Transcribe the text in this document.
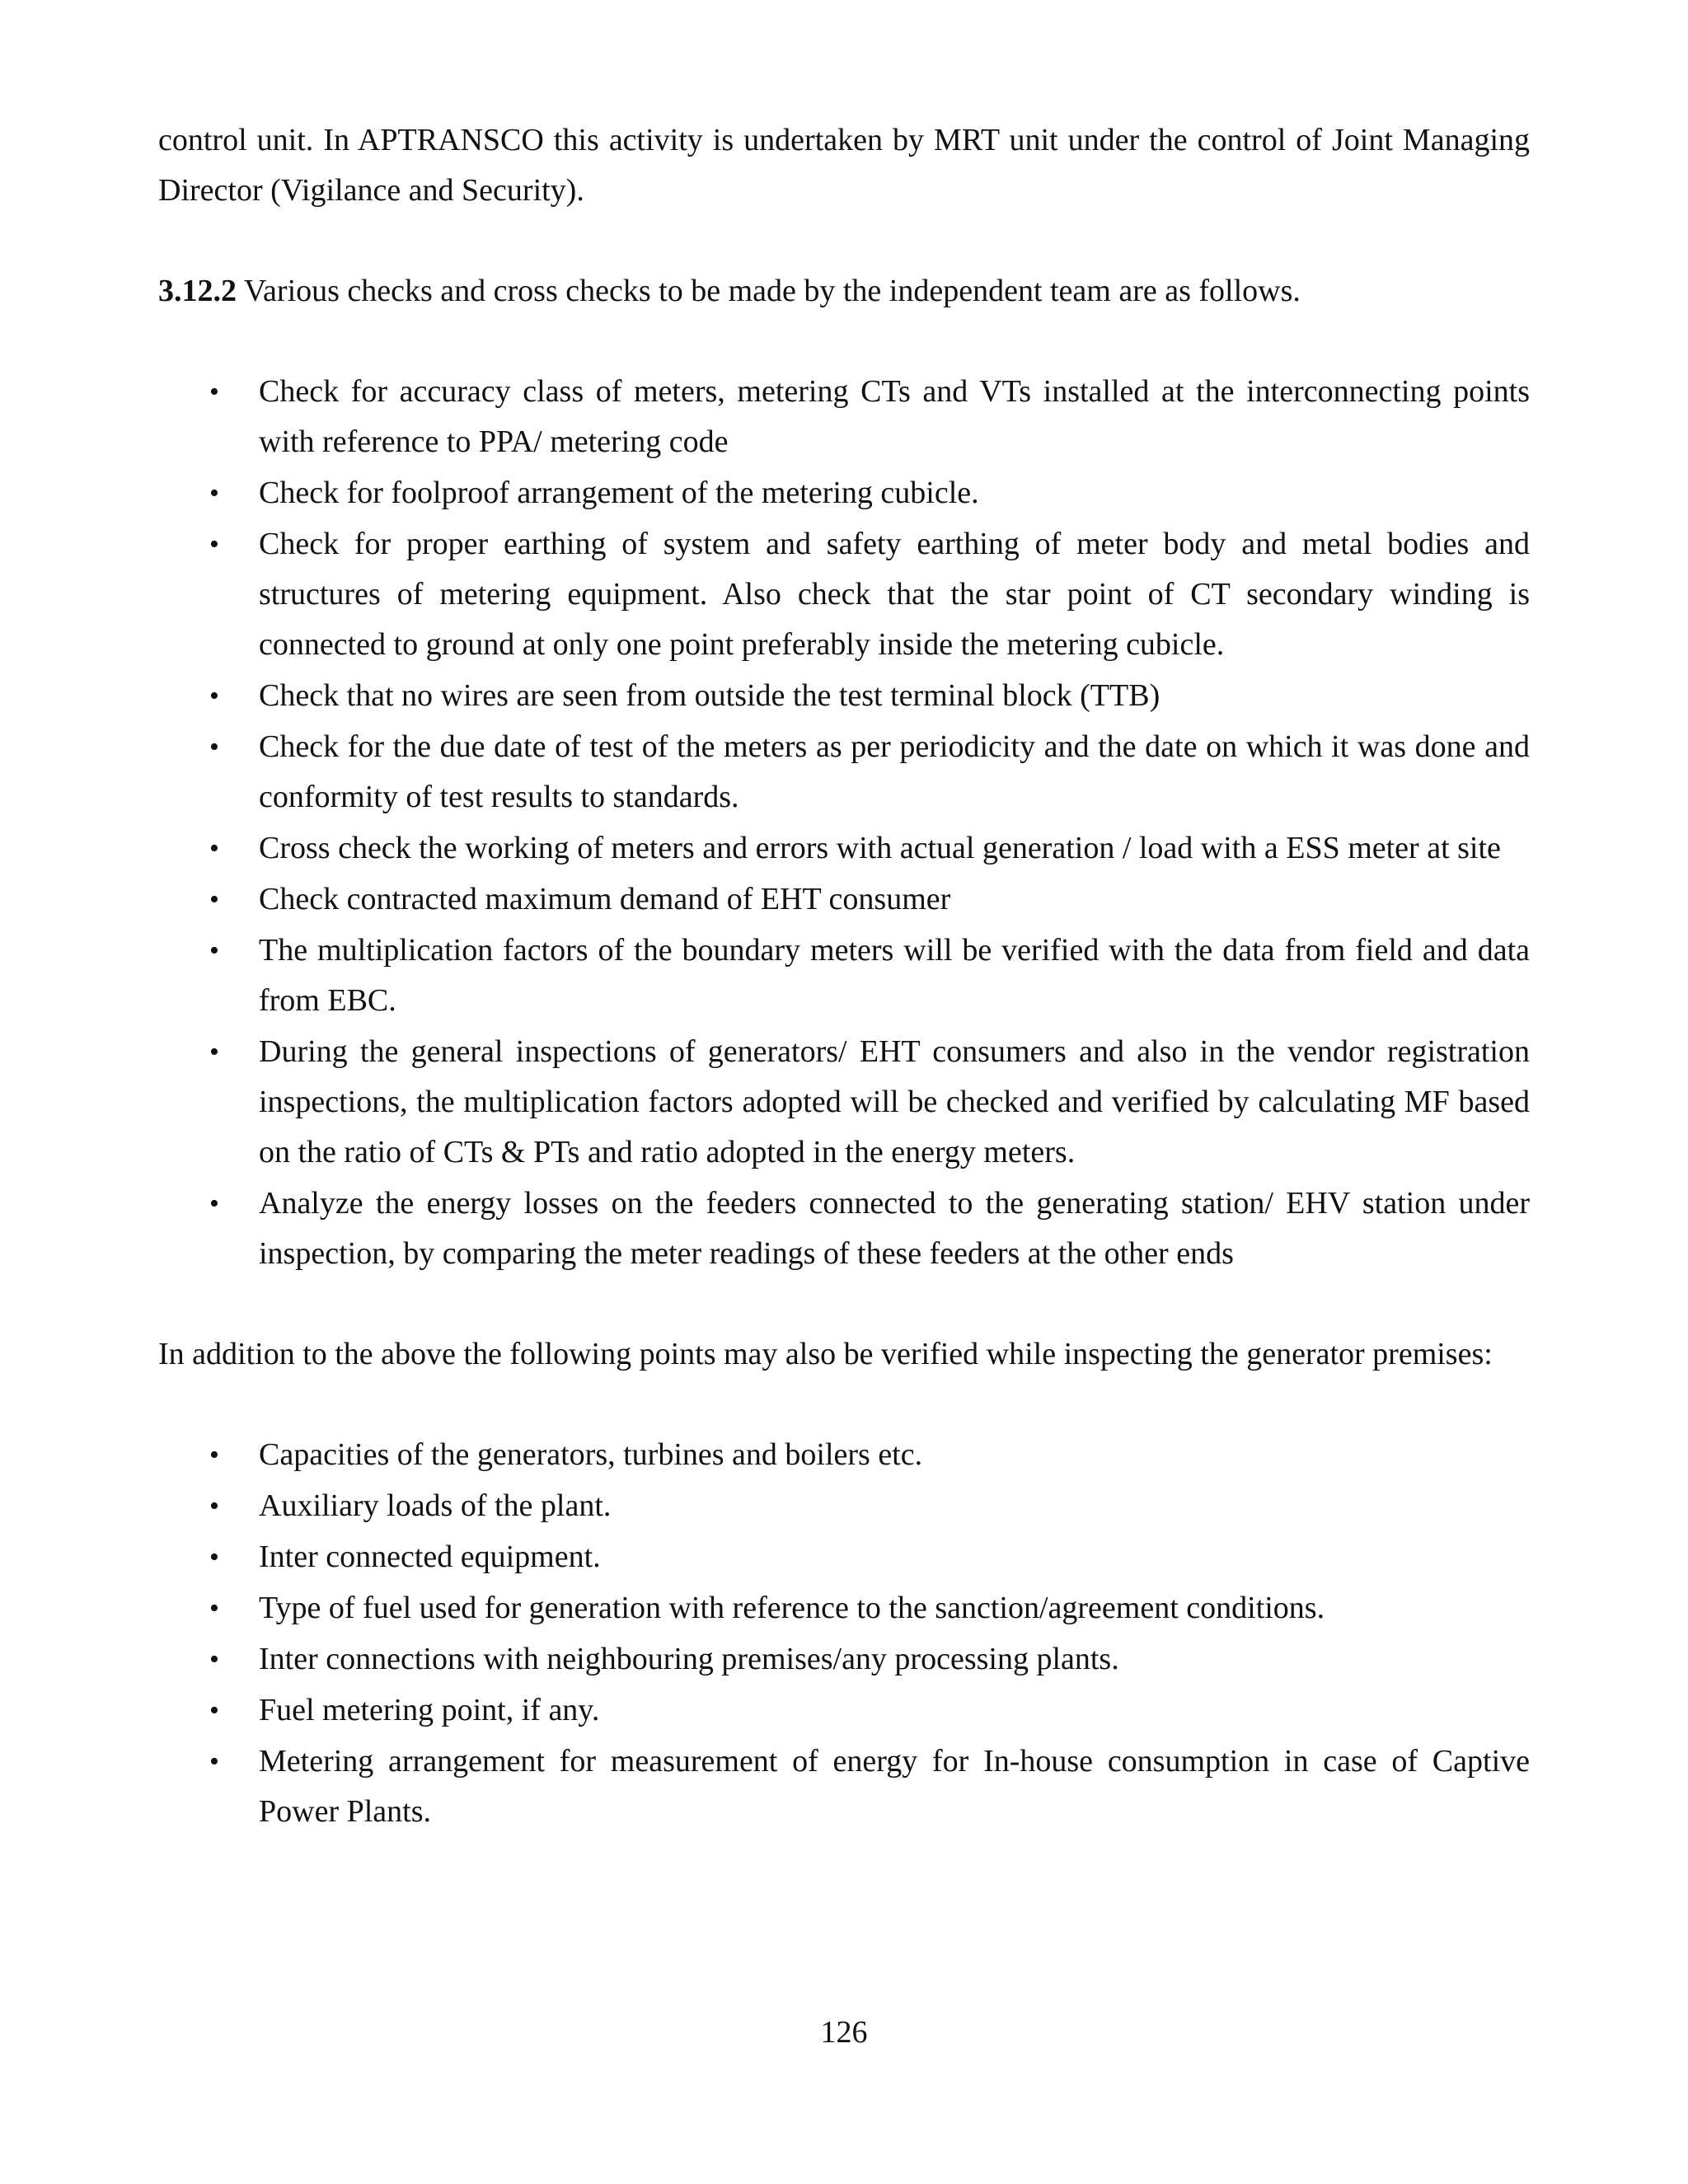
control unit. In APTRANSCO this activity is undertaken by MRT unit under the control of Joint Managing Director (Vigilance and Security).

3.12.2 Various checks and cross checks to be made by the independent team are as follows.

• Check for accuracy class of meters, metering CTs and VTs installed at the interconnecting points with reference to PPA/ metering code
• Check for foolproof arrangement of the metering cubicle.
• Check for proper earthing of system and safety earthing of meter body and metal bodies and structures of metering equipment. Also check that the star point of CT secondary winding is connected to ground at only one point preferably inside the metering cubicle.
• Check that no wires are seen from outside the test terminal block (TTB)
• Check for the due date of test of the meters as per periodicity and the date on which it was done and conformity of test results to standards.
• Cross check the working of meters and errors with actual generation / load with a ESS meter at site
• Check contracted maximum demand of EHT consumer
• The multiplication factors of the boundary meters will be verified with the data from field and data from EBC.
• During the general inspections of generators/ EHT consumers and also in the vendor registration inspections, the multiplication factors adopted will be checked and verified by calculating MF based on the ratio of CTs & PTs and ratio adopted in the energy meters.
• Analyze the energy losses on the feeders connected to the generating station/ EHV station under inspection, by comparing the meter readings of these feeders at the other ends

In addition to the above the following points may also be verified while inspecting the generator premises:

• Capacities of the generators, turbines and boilers etc.
• Auxiliary loads of the plant.
• Inter connected equipment.
• Type of fuel used for generation with reference to the sanction/agreement conditions.
• Inter connections with neighbouring premises/any processing plants.
• Fuel metering point, if any.
• Metering arrangement for measurement of energy for In-house consumption in case of Captive Power Plants.
126
